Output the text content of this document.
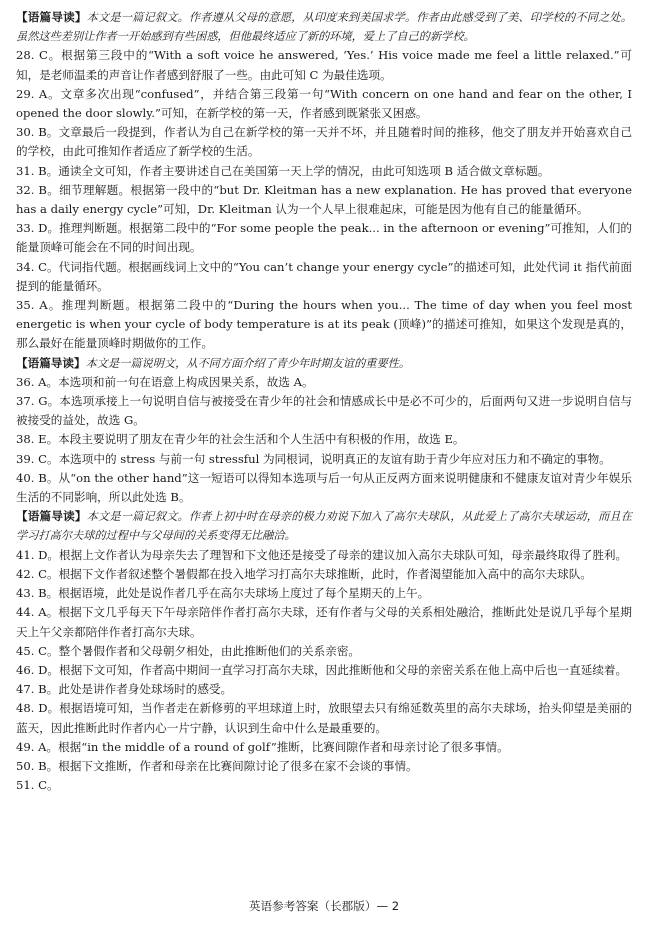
【语篇导读】本文是一篇记叙文。作者遵从父母的意愿，从印度来到美国求学。作者由此感受到了美、印学校的不同之处。虽然这些差别让作者一开始感到有些困惑，但他最终适应了新的环境，爱上了自己的新学校。

28. C。根据第三段中的“With a soft voice he answered, ‘Yes.’ His voice made me feel a little relaxed.”可知，是老师温柔的声音让作者感到舒服了一些。由此可知 C 为最佳选项。

29. A。文章多次出现“confused”，并结合第三段第一句“With concern on one hand and fear on the other, I opened the door slowly.”可知，在新学校的第一天，作者感到既紧张又困惑。

30. B。文章最后一段提到，作者认为自己在新学校的第一天并不坏，并且随着时间的推移，他交了朋友并开始喜欢自己的学校，由此可推知作者适应了新学校的生活。

31. B。通读全文可知，作者主要讲述自己在美国第一天上学的情况，由此可知选项 B 适合做文章标题。

32. B。细节理解题。根据第一段中的“but Dr. Kleitman has a new explanation. He has proved that everyone has a daily energy cycle”可知，Dr. Kleitman 认为一个人早上很难起床，可能是因为他有自己的能量循环。

33. D。推理判断题。根据第二段中的“For some people the peak... in the afternoon or evening”可推知，人们的能量顶峰可能会在不同的时间出现。

34. C。代词指代题。根据画线词上文中的“You can’t change your energy cycle”的描述可知，此处代词 it 指代前面提到的能量循环。

35. A。推理判断题。根据第二段中的“During the hours when you... The time of day when you feel most energetic is when your cycle of body temperature is at its peak (顶峰)”的描述可推知，如果这个发现是真的，那么最好在能量顶峰时期做你的工作。

【语篇导读】本文是一篇说明文，从不同方面介绍了青少年时期友谊的重要性。

36. A。本选项和前一句在语意上构成因果关系，故选 A。

37. G。本选项承接上一句说明自信与被接受在青少年的社会和情感成长中是必不可少的，后面两句又进一步说明自信与被接受的益处，故选 G。

38. E。本段主要说明了朋友在青少年的社会生活和个人生活中有积极的作用，故选 E。

39. C。本选项中的 stress 与前一句 stressful 为同根词，说明真正的友谊有助于青少年应对压力和不确定的事物。

40. B。从“on the other hand”这一短语可以得知本选项与后一句从正反两方面来说明健康和不健康友谊对青少年娱乐生活的不同影响，所以此处选 B。

【语篇导读】本文是一篇记叙文。作者上初中时在母亲的极力劝说下加入了高尔夫球队，从此爱上了高尔夫球运动，而且在学习打高尔夫球的过程中与父母间的关系变得无比融洽。

41. D。根据上文作者认为母亲失去了理智和下文他还是接受了母亲的建议加入高尔夫球队可知，母亲最终取得了胜利。

42. C。根据下文作者叙述整个暑假都在投入地学习打高尔夫球推断，此时，作者渴望能加入高中的高尔夫球队。

43. B。根据语境，此处是说作者几乎在高尔夫球场上度过了每个星期天的上午。

44. A。根据下文几乎每天下午母亲陪伴作者打高尔夫球，还有作者与父母的关系相处融洽，推断此处是说几乎每个星期天上午父亲都陪伴作者打高尔夫球。

45. C。整个暑假作者和父母朝夕相处，由此推断他们的关系亲密。

46. D。根据下文可知，作者高中期间一直学习打高尔夫球，因此推断他和父母的亲密关系在他上高中后也一直延续着。

47. B。此处是讲作者身处球场时的感受。

48. D。根据语境可知，当作者走在新修剪的平坦球道上时，放眼望去只有绵延数英里的高尔夫球场，抬头仰望是美丽的蓝天，因此推断此时作者内心一片宁静，认识到生命中什么是最重要的。

49. A。根据“in the middle of a round of golf”推断，比赛间隙作者和母亲讨论了很多事情。

50. B。根据下文推断，作者和母亲在比赛间隙讨论了很多在家不会谈的事情。

51. C。

英语参考答案（长郡版）— 2
